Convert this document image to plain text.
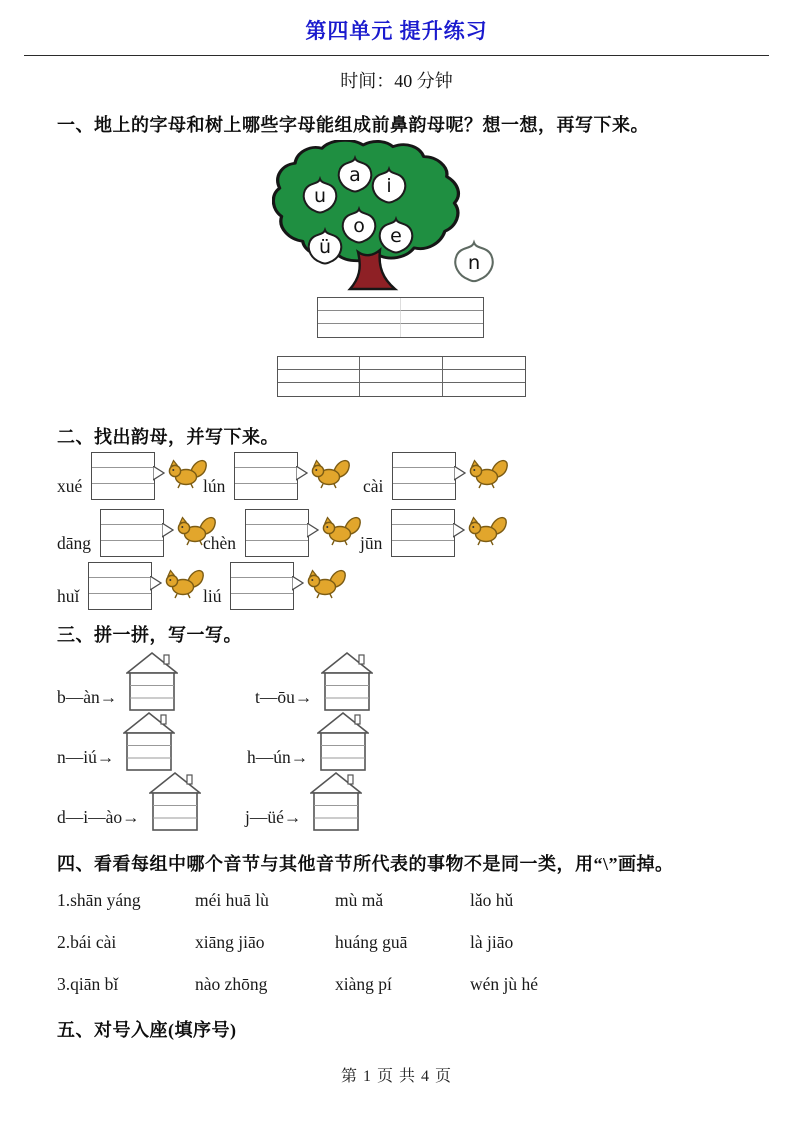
第四单元 提升练习
时间：40 分钟
一、地上的字母和树上哪些字母能组成前鼻韵母呢？想一想，再写下来。
a i
u
o
ü	e
n
二、找出韵母，并写下来。
xué	lún	cài
dāng	chèn	jūn
huǐ	liú
三、拼一拼，写一写。
b—àn→	t—ōu→
n—iú→	h—ún→
d—i—ào→	j—üé→
四、看看每组中哪个音节与其他音节所代表的事物不是同一类，用“\”画掉。
1.shān yáng	méi huā lù	mù mǎ	lǎo hǔ
2.bái cài	xiāng jiāo	huáng guā	là jiāo
3.qiān bǐ	nào zhōng	xiàng pí	wén jù hé
五、对号入座(填序号)
第 1 页 共 4 页
